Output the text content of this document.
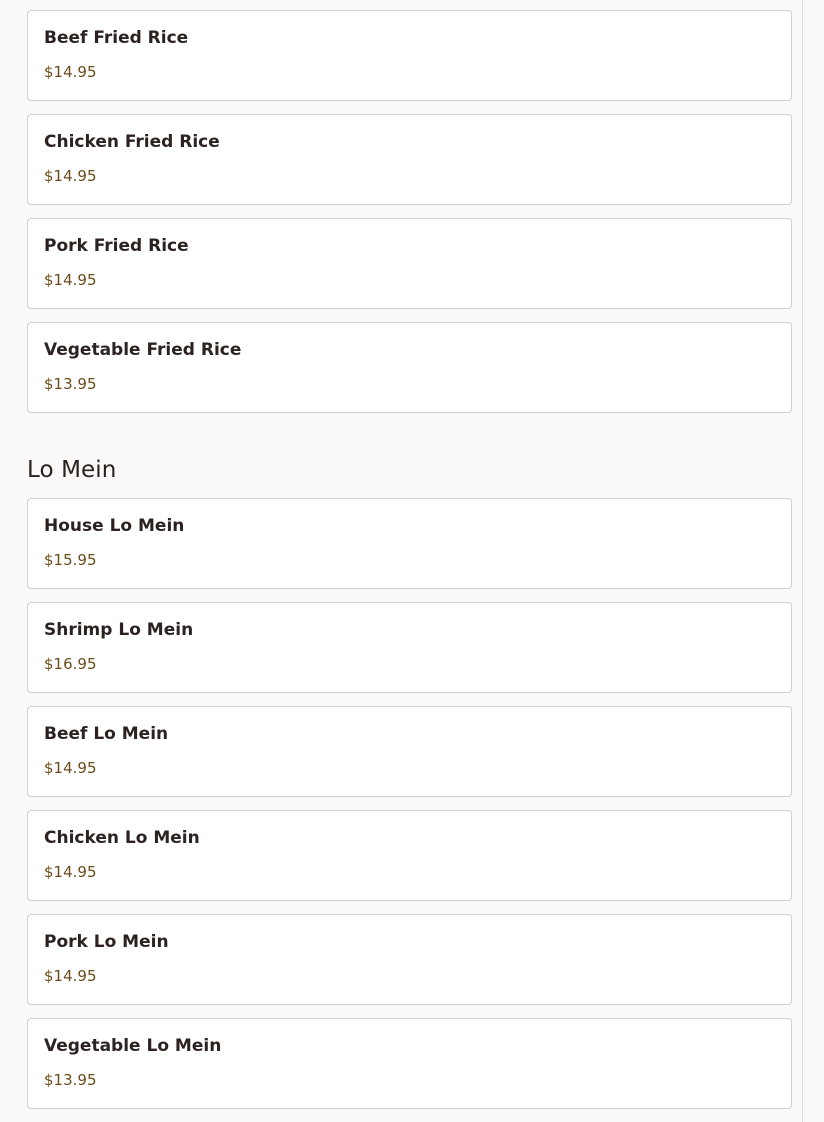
Beef Fried Rice
$14.95
Chicken Fried Rice
$14.95
Pork Fried Rice
$14.95
Vegetable Fried Rice
$13.95
Lo Mein
House Lo Mein
$15.95
Shrimp Lo Mein
$16.95
Beef Lo Mein
$14.95
Chicken Lo Mein
$14.95
Pork Lo Mein
$14.95
Vegetable Lo Mein
$13.95
